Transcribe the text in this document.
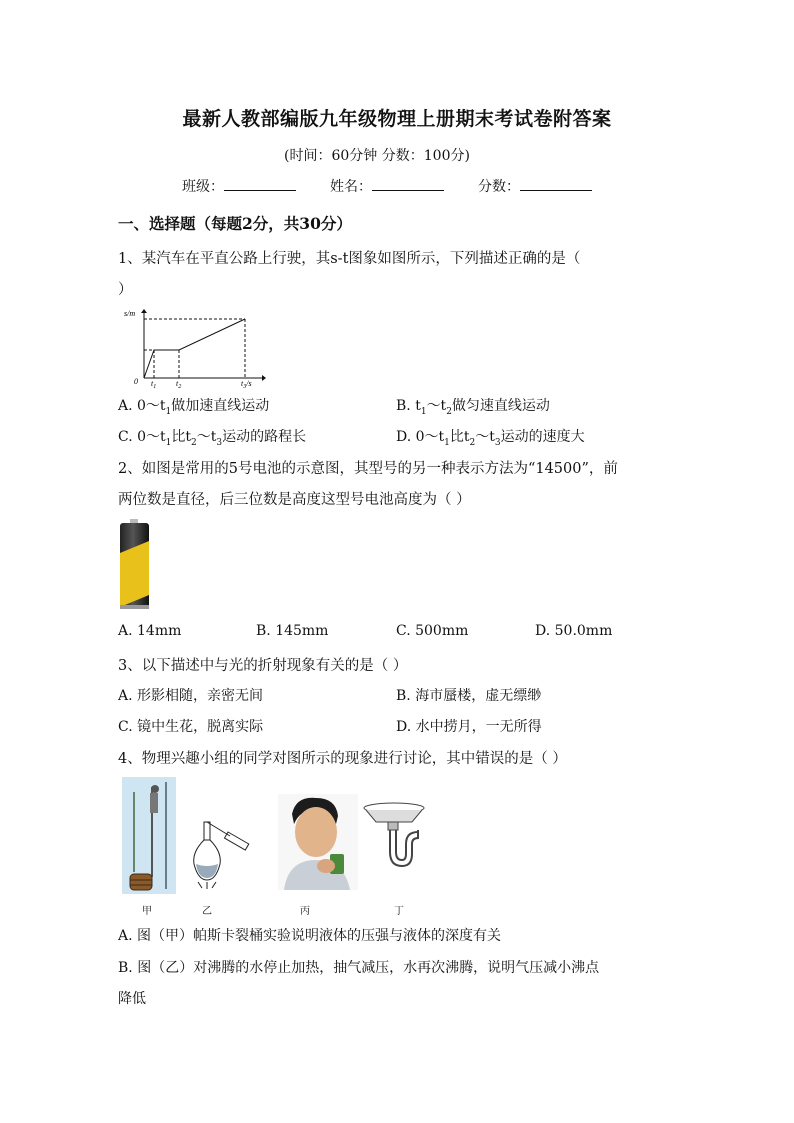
最新人教部编版九年级物理上册期末考试卷附答案
(时间：60分钟 分数：100分)
班级：	姓名：	分数：
一、选择题（每题2分，共30分）
1、某汽车在平直公路上行驶，其s-t图象如图所示，下列描述正确的是（
）
s/m
0 $t_1$ $t_2$	$t_3/s$
A. $0\sim t_1$做加速直线运动	B. $t_1\sim t_2$做匀速直线运动
C. $0\sim t_1$比$t_2\sim t_3$运动的路程长	D. $0\sim t_1$比$t_2\sim t_3$运动的速度大
2、如图是常用的5号电池的示意图，其型号的另一种表示方法为“14500”，前
两位数是直径，后三位数是高度这型号电池高度为（ ）
A. 14mm	B. 145mm	C. 500mm	D. 50.0mm
3、以下描述中与光的折射现象有关的是（ ）
A. 形影相随，亲密无间	B. 海市蜃楼，虚无缥缈
C. 镜中生花，脱离实际	D. 水中捞月，一无所得
4、物理兴趣小组的同学对图所示的现象进行讨论，其中错误的是（ ）
甲	乙	丙	丁
A. 图（甲）帕斯卡裂桶实验说明液体的压强与液体的深度有关
B. 图（乙）对沸腾的水停止加热，抽气减压，水再次沸腾，说明气压减小沸点
降低
